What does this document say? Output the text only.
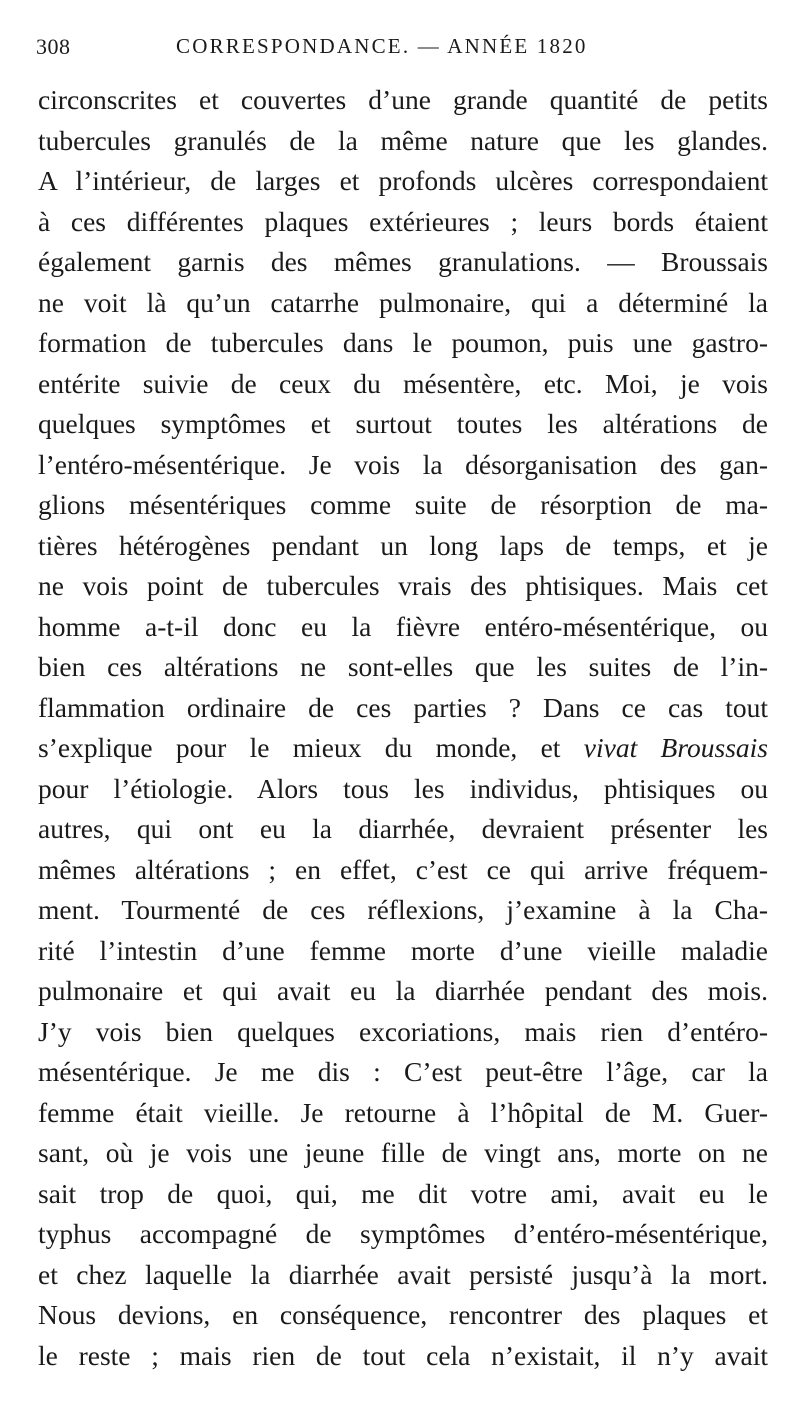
308	CORRESPONDANCE. — ANNÉE 1820
circonscrites et couvertes d’une grande quantité de petits
tubercules granulés de la même nature que les glandes.
A l’intérieur, de larges et profonds ulcères correspondaient
à ces différentes plaques extérieures ; leurs bords étaient
également garnis des mêmes granulations. — Broussais
ne voit là qu’un catarrhe pulmonaire, qui a déterminé la
formation de tubercules dans le poumon, puis une gastro-
entérite suivie de ceux du mésentère, etc. Moi, je vois
quelques symptômes et surtout toutes les altérations de
l’entéro-mésentérique. Je vois la désorganisation des gan-
glions mésentériques comme suite de résorption de ma-
tières hétérogènes pendant un long laps de temps, et je
ne vois point de tubercules vrais des phtisiques. Mais cet
homme a-t-il donc eu la fièvre entéro-mésentérique, ou
bien ces altérations ne sont-elles que les suites de l’in-
flammation ordinaire de ces parties ? Dans ce cas tout
s’explique pour le mieux du monde, et vivat Broussais
pour l’étiologie. Alors tous les individus, phtisiques ou
autres, qui ont eu la diarrhée, devraient présenter les
mêmes altérations ; en effet, c’est ce qui arrive fréquem-
ment. Tourmenté de ces réflexions, j’examine à la Cha-
rité l’intestin d’une femme morte d’une vieille maladie
pulmonaire et qui avait eu la diarrhée pendant des mois.
J’y vois bien quelques excoriations, mais rien d’entéro-
mésentérique. Je me dis : C’est peut-être l’âge, car la
femme était vieille. Je retourne à l’hôpital de M. Guer-
sant, où je vois une jeune fille de vingt ans, morte on ne
sait trop de quoi, qui, me dit votre ami, avait eu le
typhus accompagné de symptômes d’entéro-mésentérique,
et chez laquelle la diarrhée avait persisté jusqu’à la mort.
Nous devions, en conséquence, rencontrer des plaques et
le reste ; mais rien de tout cela n’existait, il n’y avait
